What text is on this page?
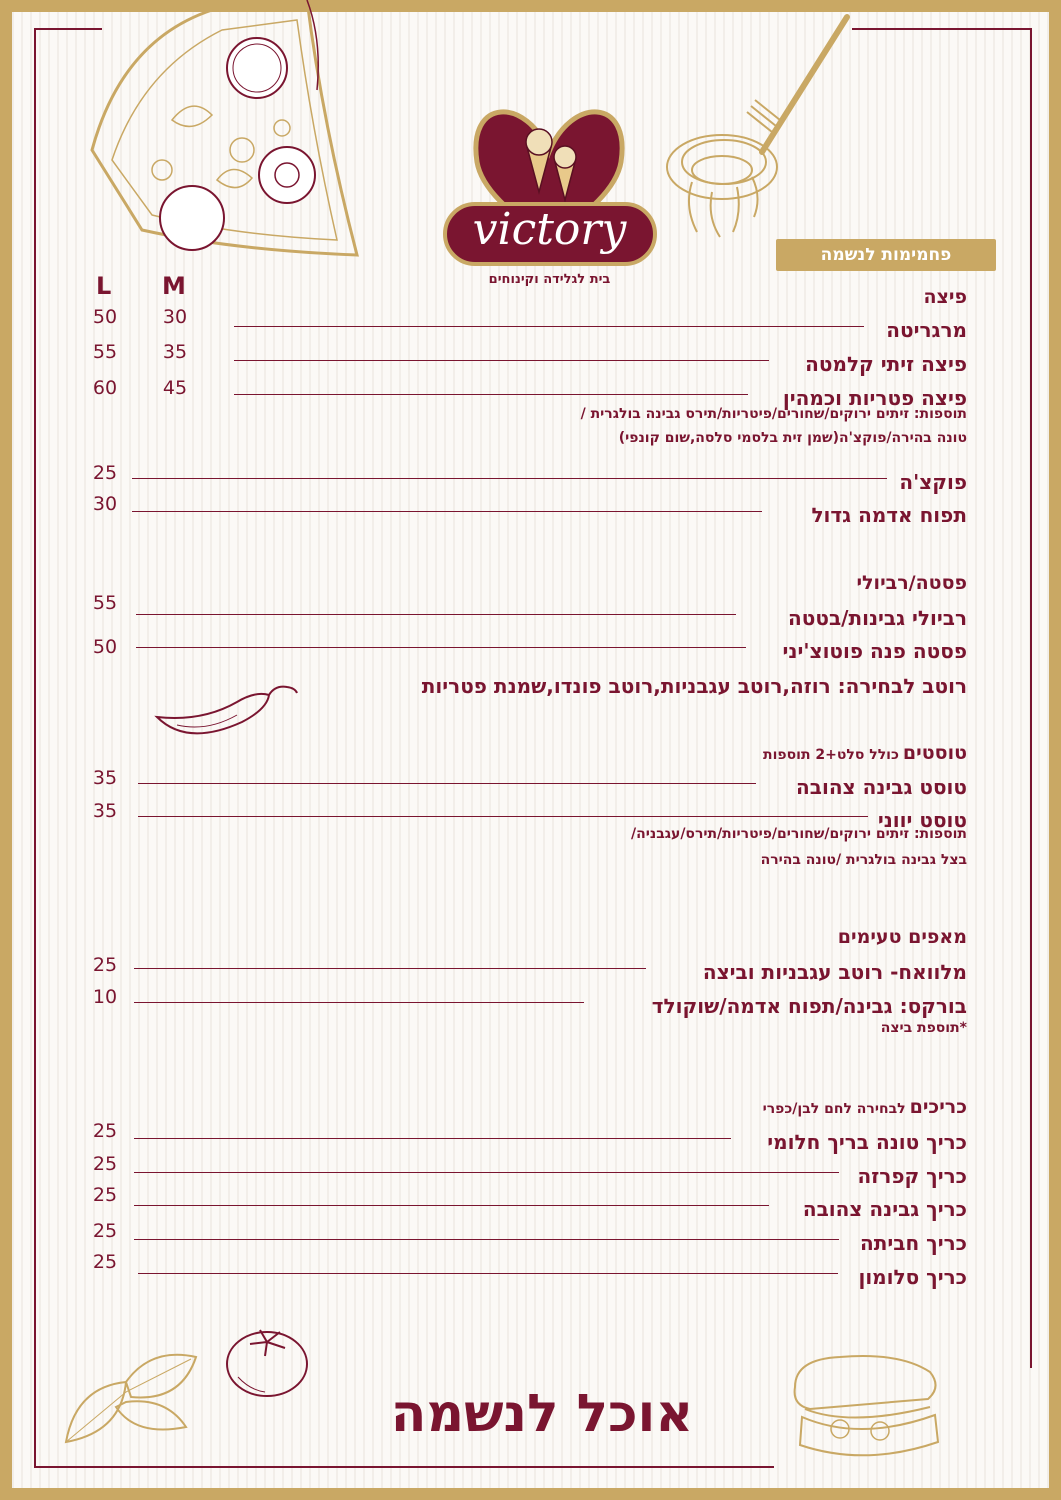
victory
בית לגלידה וקינוחים
פחמימות לנשמה
M
L	פיצה
מרגריטה
30
50
פיצה זיתי קלמטה
35
55
פיצה פטריות וכמהין
45
60
תוספות: זיתים ירוקים/שחורים/פיטריות/תירס גבינה בולגרית /
טונה בהירה/פוקצ'ה(שמן זית בלסמי סלסה,שום קונפי)
פוקצ'ה
25
תפוח אדמה גדול
30
פסטה/רביולי
רביולי גבינות/בטטה
55
פסטה פנה פוטוצ'יני
50
רוטב לבחירה: רוזה,רוטב עגבניות,רוטב פונדו,שמנת פטריות
טוסטיםכולל סלט+2 תוספות
טוסט גבינה צהובה
35
טוסט יווני
35
תוספות: זיתים ירוקים/שחורים/פיטריות/תירס/עגבניה/
בצל גבינה בולגרית /טונה בהירה
מאפים טעימים
מלוואח- רוטב עגבניות וביצה
25
בורקס: גבינה/תפוח אדמה/שוקולד
10
*תוספת ביצה
כריכיםלבחירה לחם לבן/כפרי
כריך טונה בריך חלומי
25
כריך קפרזה
25
כריך גבינה צהובה
25
כריך חביתה
25
כריך סלומון
25
אוכל לנשמה
